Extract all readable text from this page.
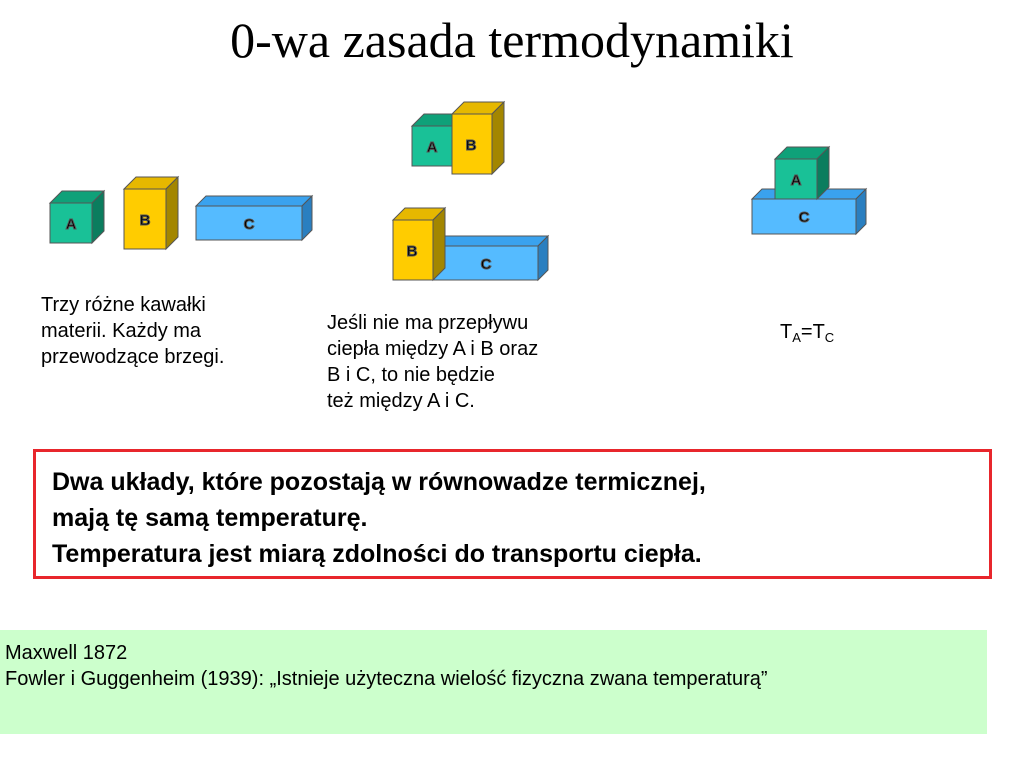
0-wa zasada termodynamiki
A	B	C
A B
C
B
C
A
Trzy różne kawałki
materii. Każdy ma
przewodzące brzegi.
Jeśli nie ma przepływu
ciepła między A i B oraz
B i C, to nie będzie
też między A i C.
$T_A=T_C$
Dwa układy, które pozostają w równowadze termicznej,
mają tę samą temperaturę.
Temperatura jest miarą zdolności do transportu ciepła.
Maxwell 1872
Fowler i Guggenheim (1939): „Istnieje użyteczna wielość fizyczna zwana temperaturą”
